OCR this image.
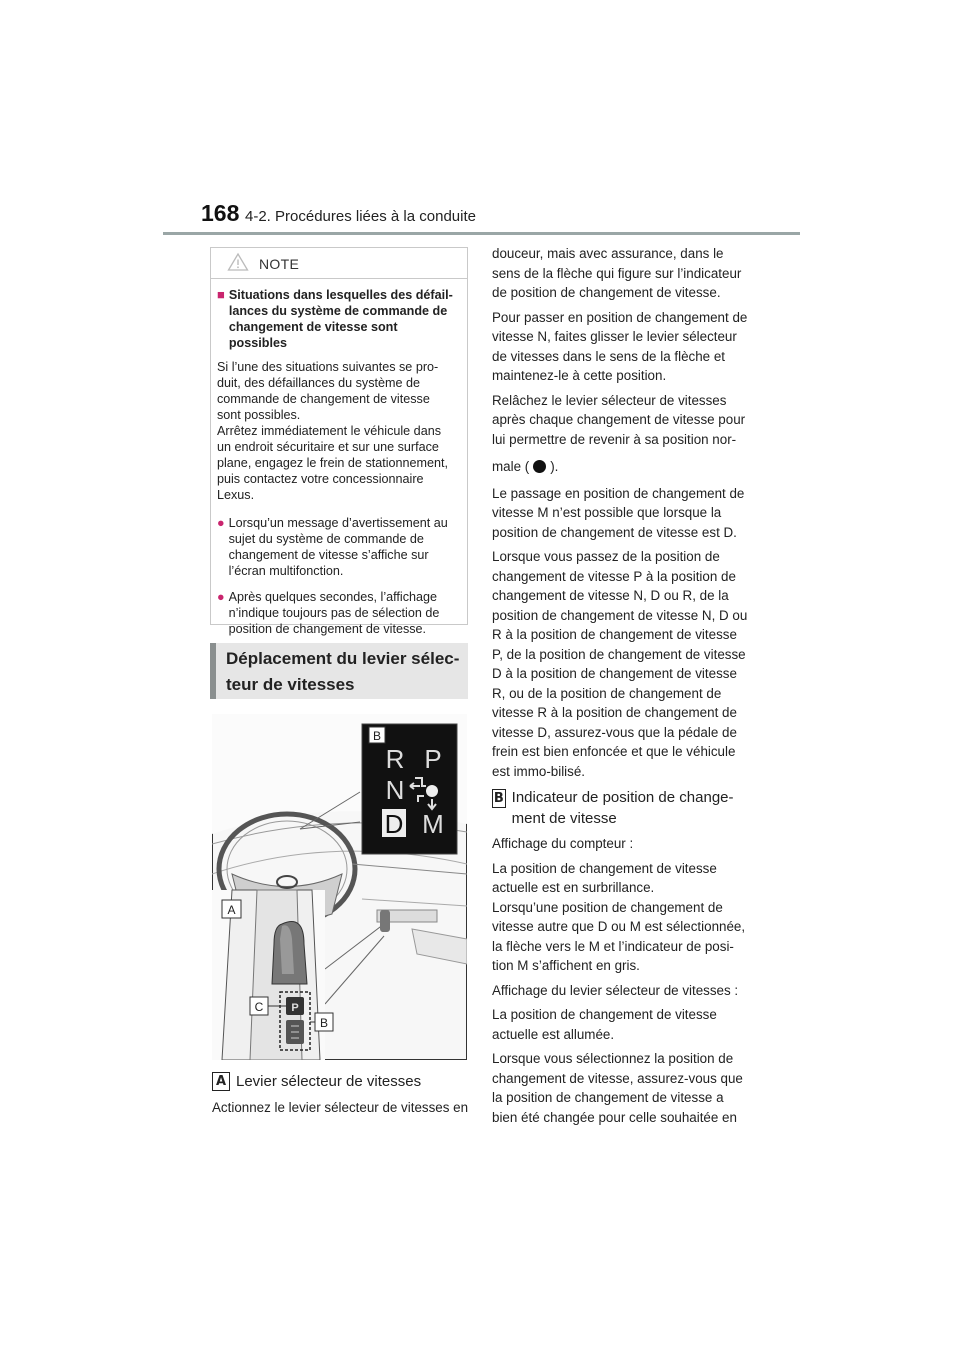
168 4-2. Procédures liées à la conduite
NOTE
■ Situations dans lesquelles des défail-lances du système de commande de changement de vitesse sont possibles

Si l’une des situations suivantes se pro-duit, des défaillances du système de commande de changement de vitesse sont possibles.

Arrêtez immédiatement le véhicule dans un endroit sécuritaire et sur une surface plane, engagez le frein de stationnement, puis contactez votre concessionnaire Lexus.

● Lorsqu’un message d’avertissement au sujet du système de commande de changement de vitesse s’affiche sur l’écran multifonction.
● Après quelques secondes, l’affichage n’indique toujours pas de sélection de position de changement de vitesse.
Déplacement du levier sélec-teur de vitesses
B
R P
N
D M
P
A
C
B
A Levier sélecteur de vitesses
Actionnez le levier sélecteur de vitesses en

douceur, mais avec assurance, dans le sens de la flèche qui figure sur l’indicateur de position de changement de vitesse.

Pour passer en position de changement de vitesse N, faites glisser le levier sélecteur de vitesses dans le sens de la flèche et maintenez-le à cette position.

Relâchez le levier sélecteur de vitesses après chaque changement de vitesse pour lui permettre de revenir à sa position nor-

male ( ).

Le passage en position de changement de vitesse M n’est possible que lorsque la position de changement de vitesse est D.

Lorsque vous passez de la position de changement de vitesse P à la position de changement de vitesse N, D ou R, de la position de changement de vitesse N, D ou R à la position de changement de vitesse P, de la position de changement de vitesse D à la position de changement de vitesse R, ou de la position de changement de vitesse R à la position de changement de vitesse D, assurez-vous que la pédale de frein est bien enfoncée et que le véhicule est immo-bilisé.

B Indicateur de position de change-ment de vitesse

Affichage du compteur :

La position de changement de vitesse actuelle est en surbrillance.

Lorsqu’une position de changement de vitesse autre que D ou M est sélectionnée, la flèche vers le M et l’indicateur de posi-tion M s’affichent en gris.

Affichage du levier sélecteur de vitesses :

La position de changement de vitesse actuelle est allumée.

Lorsque vous sélectionnez la position de changement de vitesse, assurez-vous que la position de changement de vitesse a bien été changée pour celle souhaitée en
